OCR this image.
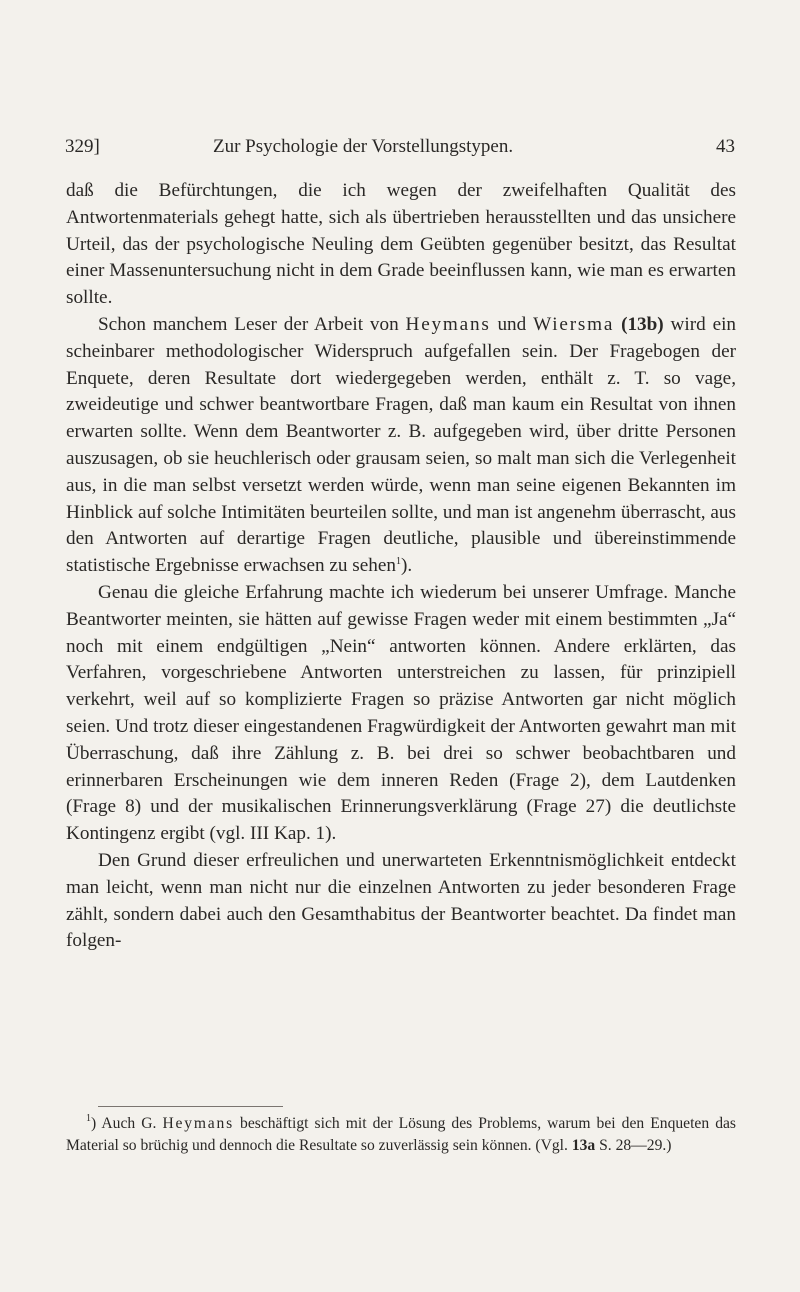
329]	Zur Psychologie der Vorstellungstypen.	43

daß die Befürchtungen, die ich wegen der zweifelhaften Qualität des Antwortenmaterials gehegt hatte, sich als übertrieben herausstellten und das unsichere Urteil, das der psychologische Neuling dem Geübten gegenüber besitzt, das Resultat einer Massenuntersuchung nicht in dem Grade beeinflussen kann, wie man es erwarten sollte.

Schon manchem Leser der Arbeit von Heymans und Wiersma (13b) wird ein scheinbarer methodologischer Widerspruch aufgefallen sein. Der Fragebogen der Enquete, deren Resultate dort wiedergegeben werden, enthält z. T. so vage, zweideutige und schwer beantwortbare Fragen, daß man kaum ein Resultat von ihnen erwarten sollte. Wenn dem Beantworter z. B. aufgegeben wird, über dritte Personen auszusagen, ob sie heuchlerisch oder grausam seien, so malt man sich die Verlegenheit aus, in die man selbst versetzt werden würde, wenn man seine eigenen Bekannten im Hinblick auf solche Intimitäten beurteilen sollte, und man ist angenehm überrascht, aus den Antworten auf derartige Fragen deutliche, plausible und übereinstimmende statistische Ergebnisse erwachsen zu sehen$^1$).

Genau die gleiche Erfahrung machte ich wiederum bei unserer Umfrage. Manche Beantworter meinten, sie hätten auf gewisse Fragen weder mit einem bestimmten „Ja“ noch mit einem endgültigen „Nein“ antworten können. Andere erklärten, das Verfahren, vorgeschriebene Antworten unterstreichen zu lassen, für prinzipiell verkehrt, weil auf so komplizierte Fragen so präzise Antworten gar nicht möglich seien. Und trotz dieser eingestandenen Fragwürdigkeit der Antworten gewahrt man mit Überraschung, daß ihre Zählung z. B. bei drei so schwer beobachtbaren und erinnerbaren Erscheinungen wie dem inneren Reden (Frage 2), dem Lautdenken (Frage 8) und der musikalischen Erinnerungsverklärung (Frage 27) die deutlichste Kontingenz ergibt (vgl. III Kap. 1).

Den Grund dieser erfreulichen und unerwarteten Erkenntnismöglichkeit entdeckt man leicht, wenn man nicht nur die einzelnen Antworten zu jeder besonderen Frage zählt, sondern dabei auch den Gesamthabitus der Beantworter beachtet. Da findet man folgen-

$^1$) Auch G. Heymans beschäftigt sich mit der Lösung des Problems, warum bei den Enqueten das Material so brüchig und dennoch die Resultate so zuverlässig sein können. (Vgl. 13a S. 28—29.)
